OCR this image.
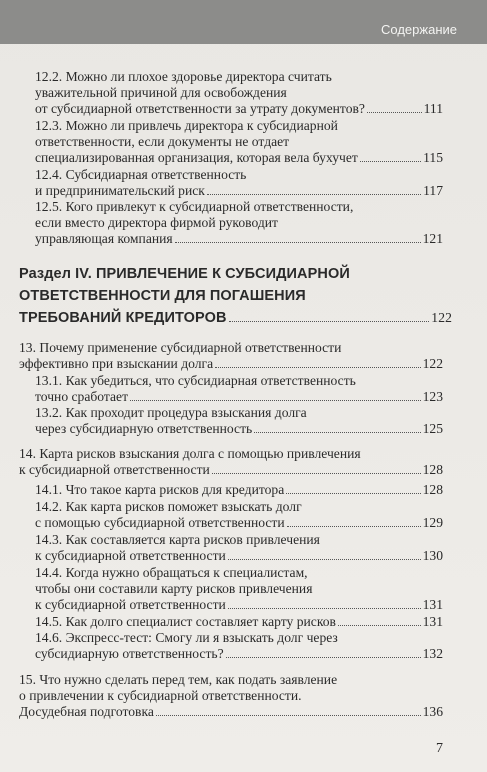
Содержание
12.2. Можно ли плохое здоровье директора считать
уважительной причиной для освобождения
от субсидиарной ответственности за утрату документов?	111
12.3. Можно ли привлечь директора к субсидиарной
ответственности, если документы не отдает
специализированная организация, которая вела бухучет	115
12.4. Субсидиарная ответственность
и предпринимательский риск	117
12.5. Кого привлекут к субсидиарной ответственности,
если вместо директора фирмой руководит
управляющая компания	121
Раздел IV. ПРИВЛЕЧЕНИЕ К СУБСИДИАРНОЙ
ОТВЕТСТВЕННОСТИ ДЛЯ ПОГАШЕНИЯ
ТРЕБОВАНИЙ КРЕДИТОРОВ	122
13. Почему применение субсидиарной ответственности
эффективно при взыскании долга	122
13.1. Как убедиться, что субсидиарная ответственность
точно сработает	123
13.2. Как проходит процедура взыскания долга
через субсидиарную ответственность	125
14. Карта рисков взыскания долга с помощью привлечения
к субсидиарной ответственности	128
14.1. Что такое карта рисков для кредитора	128
14.2. Как карта рисков поможет взыскать долг
с помощью субсидиарной ответственности	129
14.3. Как составляется карта рисков привлечения
к субсидиарной ответственности	130
14.4. Когда нужно обращаться к специалистам,
чтобы они составили карту рисков привлечения
к субсидиарной ответственности	131
14.5. Как долго специалист составляет карту рисков	131
14.6. Экспресс-тест: Смогу ли я взыскать долг через
субсидиарную ответственность?	132
15. Что нужно сделать перед тем, как подать заявление
о привлечении к субсидиарной ответственности.
Досудебная подготовка	136
7
